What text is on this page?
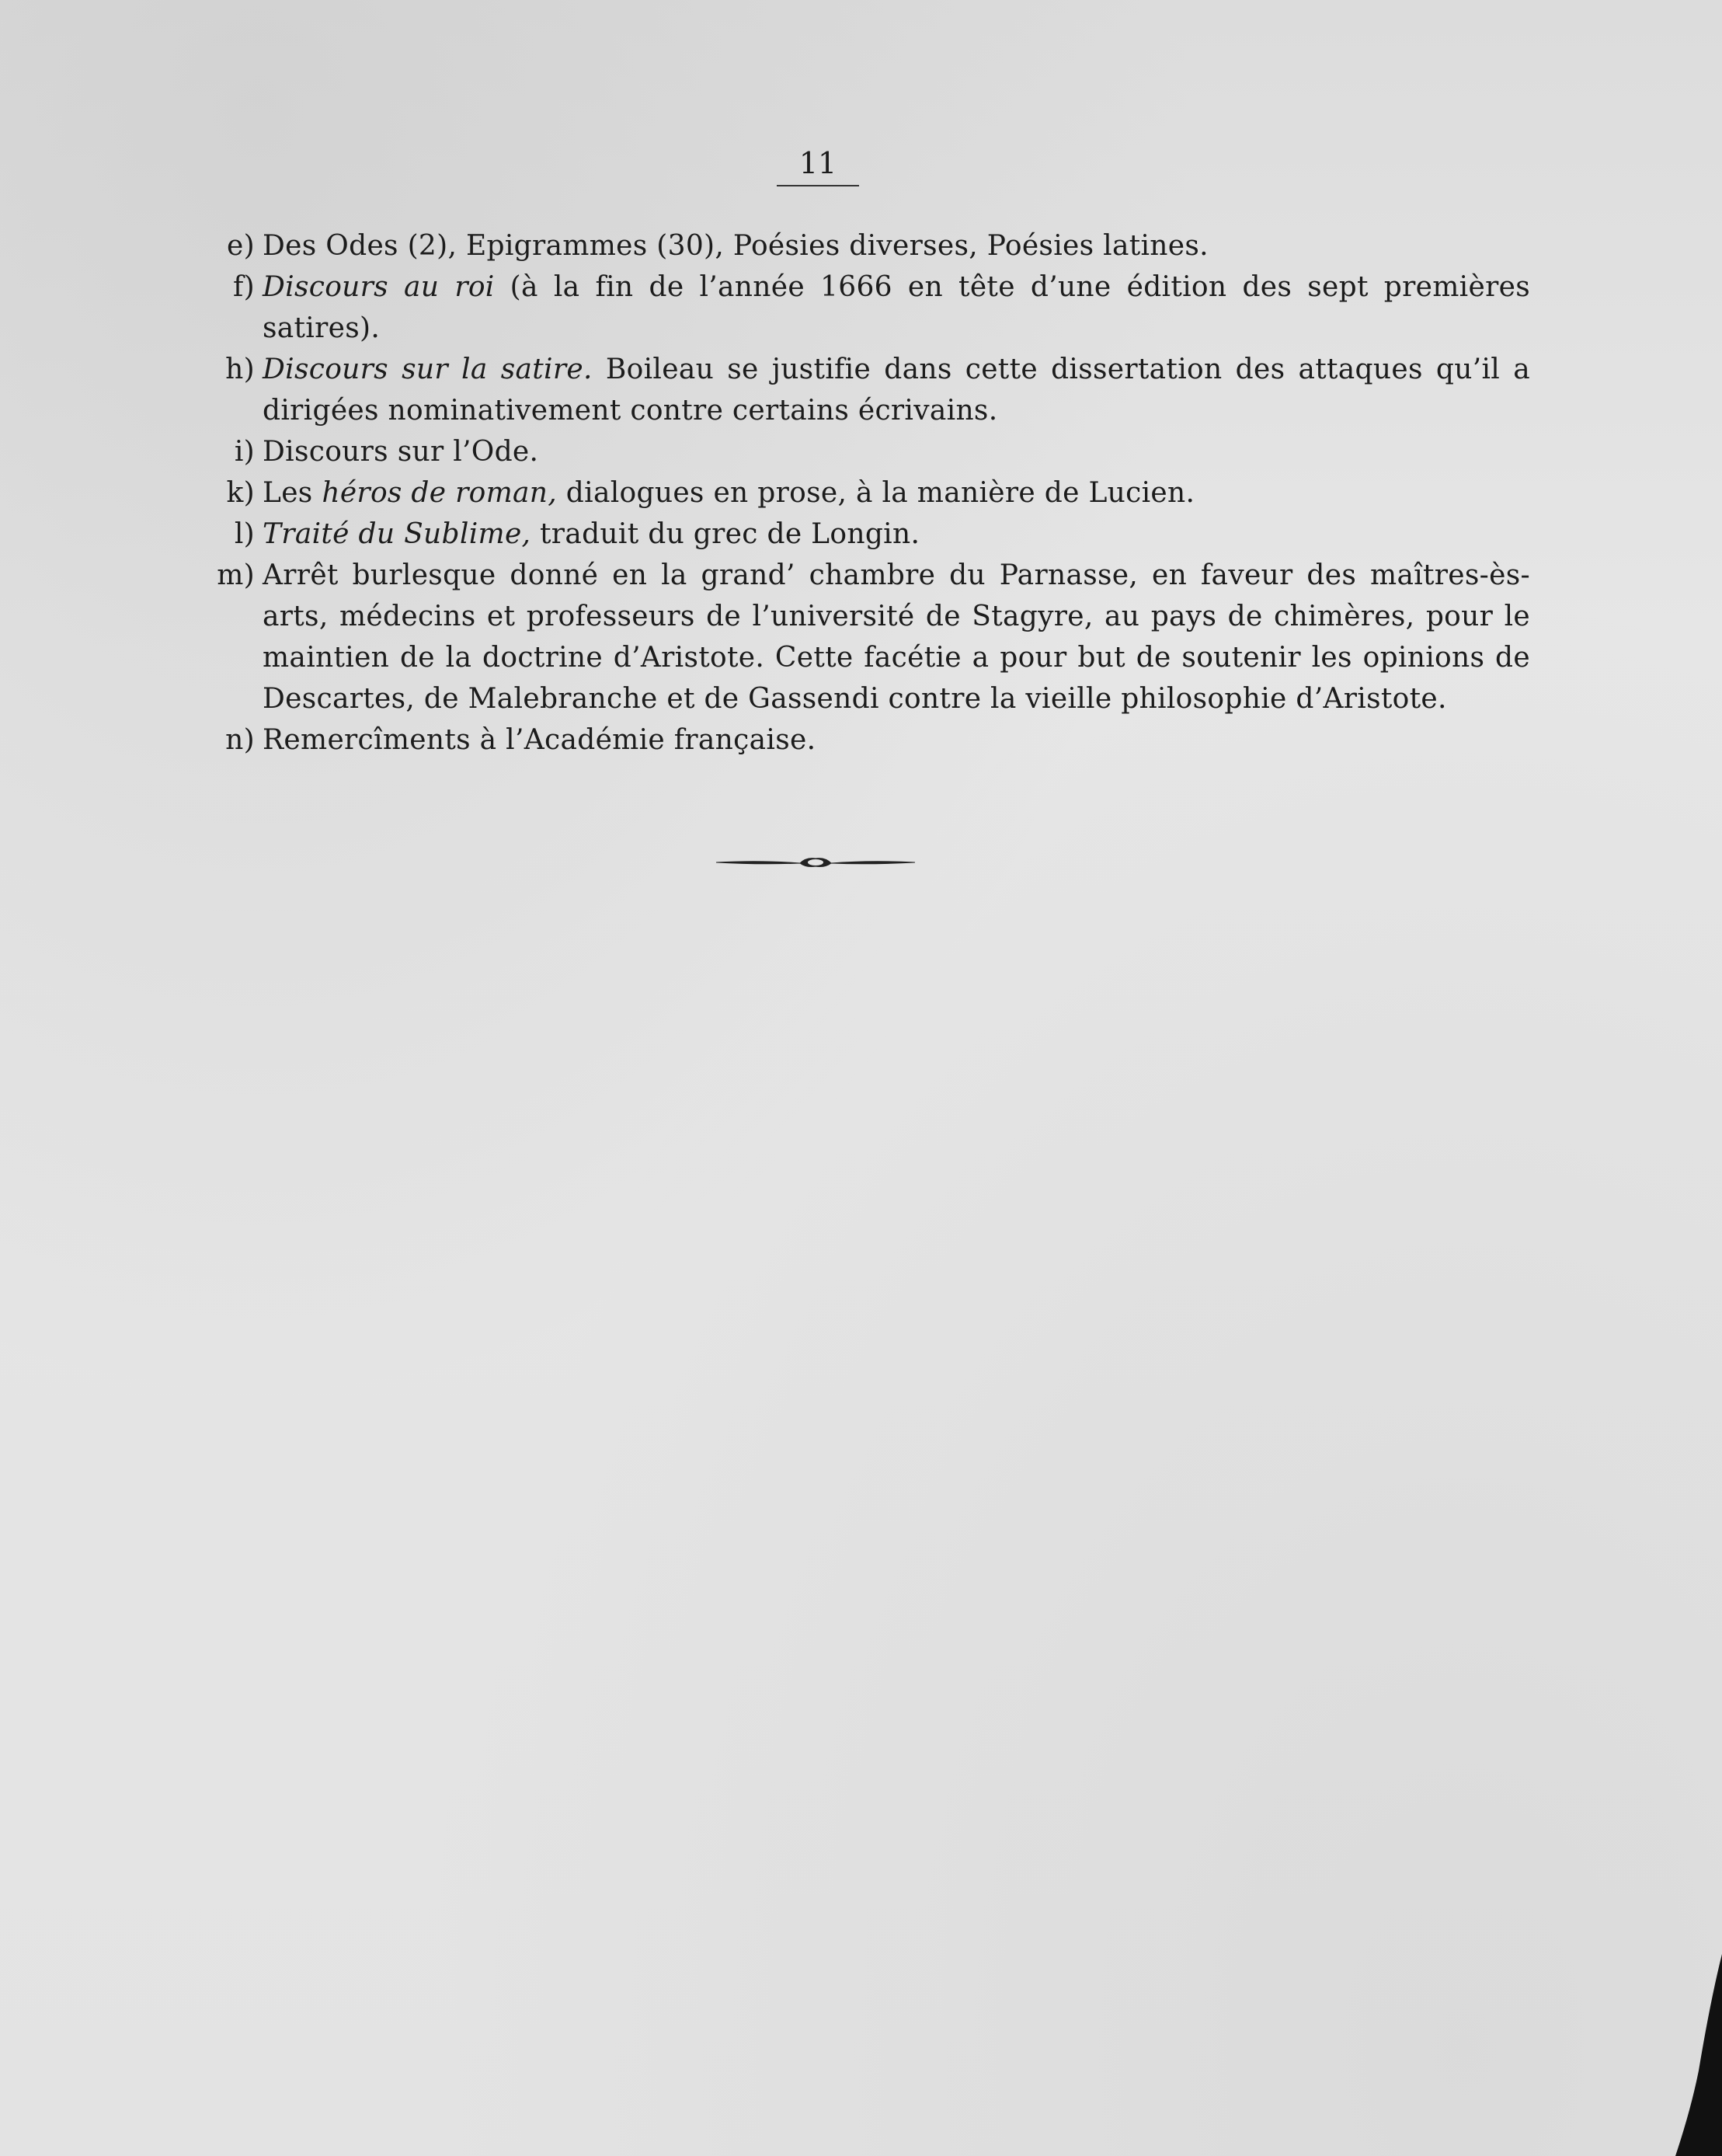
11
e) Des Odes (2), Epigrammes (30), Poésies diverses, Poésies latines.
f) Discours au roi (à la fin de l’année 1666 en tête d’une édition des sept premières satires).
h) Discours sur la satire. Boileau se justifie dans cette dissertation des attaques qu’il a dirigées nominativement contre certains écrivains.
i) Discours sur l’Ode.
k) Les héros de roman, dialogues en prose, à la manière de Lucien.
l) Traité du Sublime, traduit du grec de Longin.
m) Arrêt burlesque donné en la grand’ chambre du Parnasse, en faveur des maîtres-ès-arts, médecins et professeurs de l’université de Stagyre, au pays de chimères, pour le maintien de la doctrine d’Aristote. Cette facétie a pour but de soutenir les opinions de Descartes, de Malebranche et de Gassendi contre la vieille philosophie d’Aristote.
n) Remercîments à l’Académie française.
